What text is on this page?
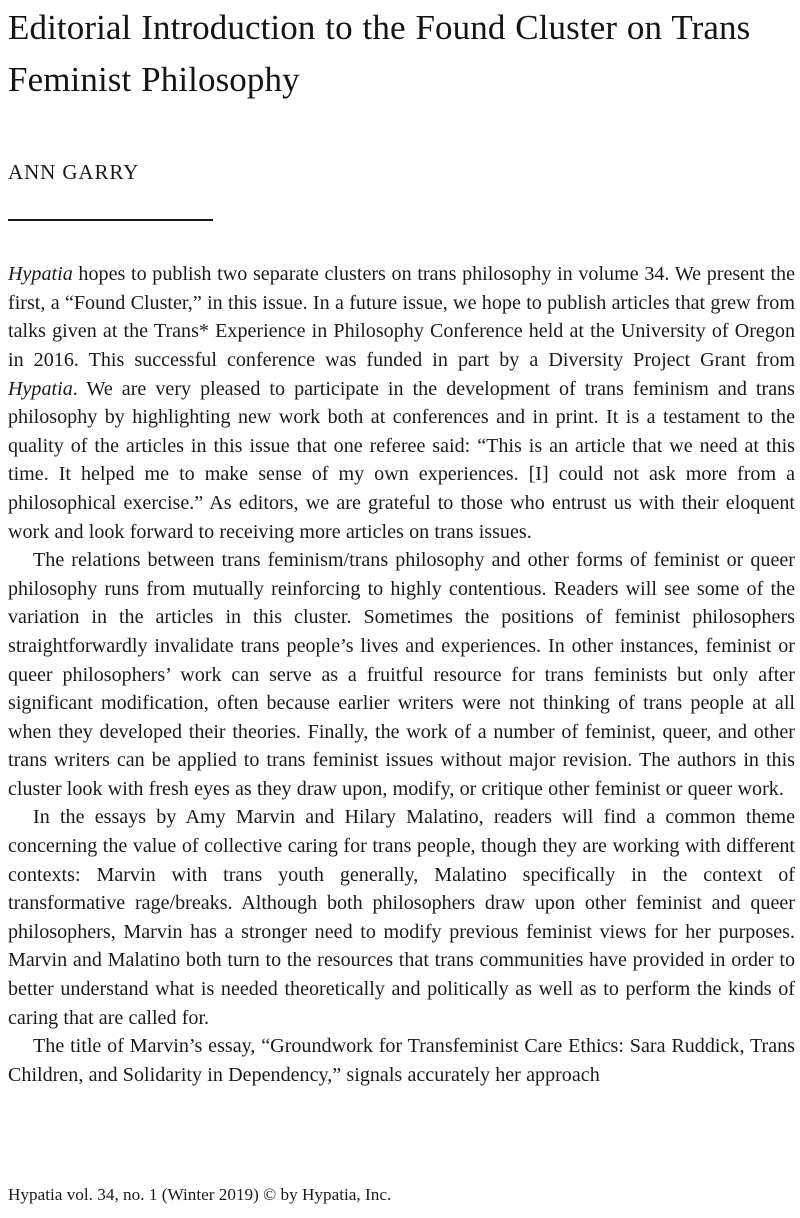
Editorial Introduction to the Found Cluster on Trans Feminist Philosophy
ANN GARRY

Hypatia hopes to publish two separate clusters on trans philosophy in volume 34. We present the first, a “Found Cluster,” in this issue. In a future issue, we hope to publish articles that grew from talks given at the Trans* Experience in Philosophy Conference held at the University of Oregon in 2016. This successful conference was funded in part by a Diversity Project Grant from Hypatia. We are very pleased to participate in the development of trans feminism and trans philosophy by highlighting new work both at conferences and in print. It is a testament to the quality of the articles in this issue that one referee said: “This is an article that we need at this time. It helped me to make sense of my own experiences. [I] could not ask more from a philosophical exercise.” As editors, we are grateful to those who entrust us with their eloquent work and look forward to receiving more articles on trans issues.

The relations between trans feminism/trans philosophy and other forms of feminist or queer philosophy runs from mutually reinforcing to highly contentious. Readers will see some of the variation in the articles in this cluster. Sometimes the positions of feminist philosophers straightforwardly invalidate trans people’s lives and experiences. In other instances, feminist or queer philosophers’ work can serve as a fruitful resource for trans feminists but only after significant modification, often because earlier writers were not thinking of trans people at all when they developed their theories. Finally, the work of a number of feminist, queer, and other trans writers can be applied to trans feminist issues without major revision. The authors in this cluster look with fresh eyes as they draw upon, modify, or critique other feminist or queer work.

In the essays by Amy Marvin and Hilary Malatino, readers will find a common theme concerning the value of collective caring for trans people, though they are working with different contexts: Marvin with trans youth generally, Malatino specifically in the context of transformative rage/breaks. Although both philosophers draw upon other feminist and queer philosophers, Marvin has a stronger need to modify previous feminist views for her purposes. Marvin and Malatino both turn to the resources that trans communities have provided in order to better understand what is needed theoretically and politically as well as to perform the kinds of caring that are called for.

The title of Marvin’s essay, “Groundwork for Transfeminist Care Ethics: Sara Ruddick, Trans Children, and Solidarity in Dependency,” signals accurately her approach

Hypatia vol. 34, no. 1 (Winter 2019) © by Hypatia, Inc.
